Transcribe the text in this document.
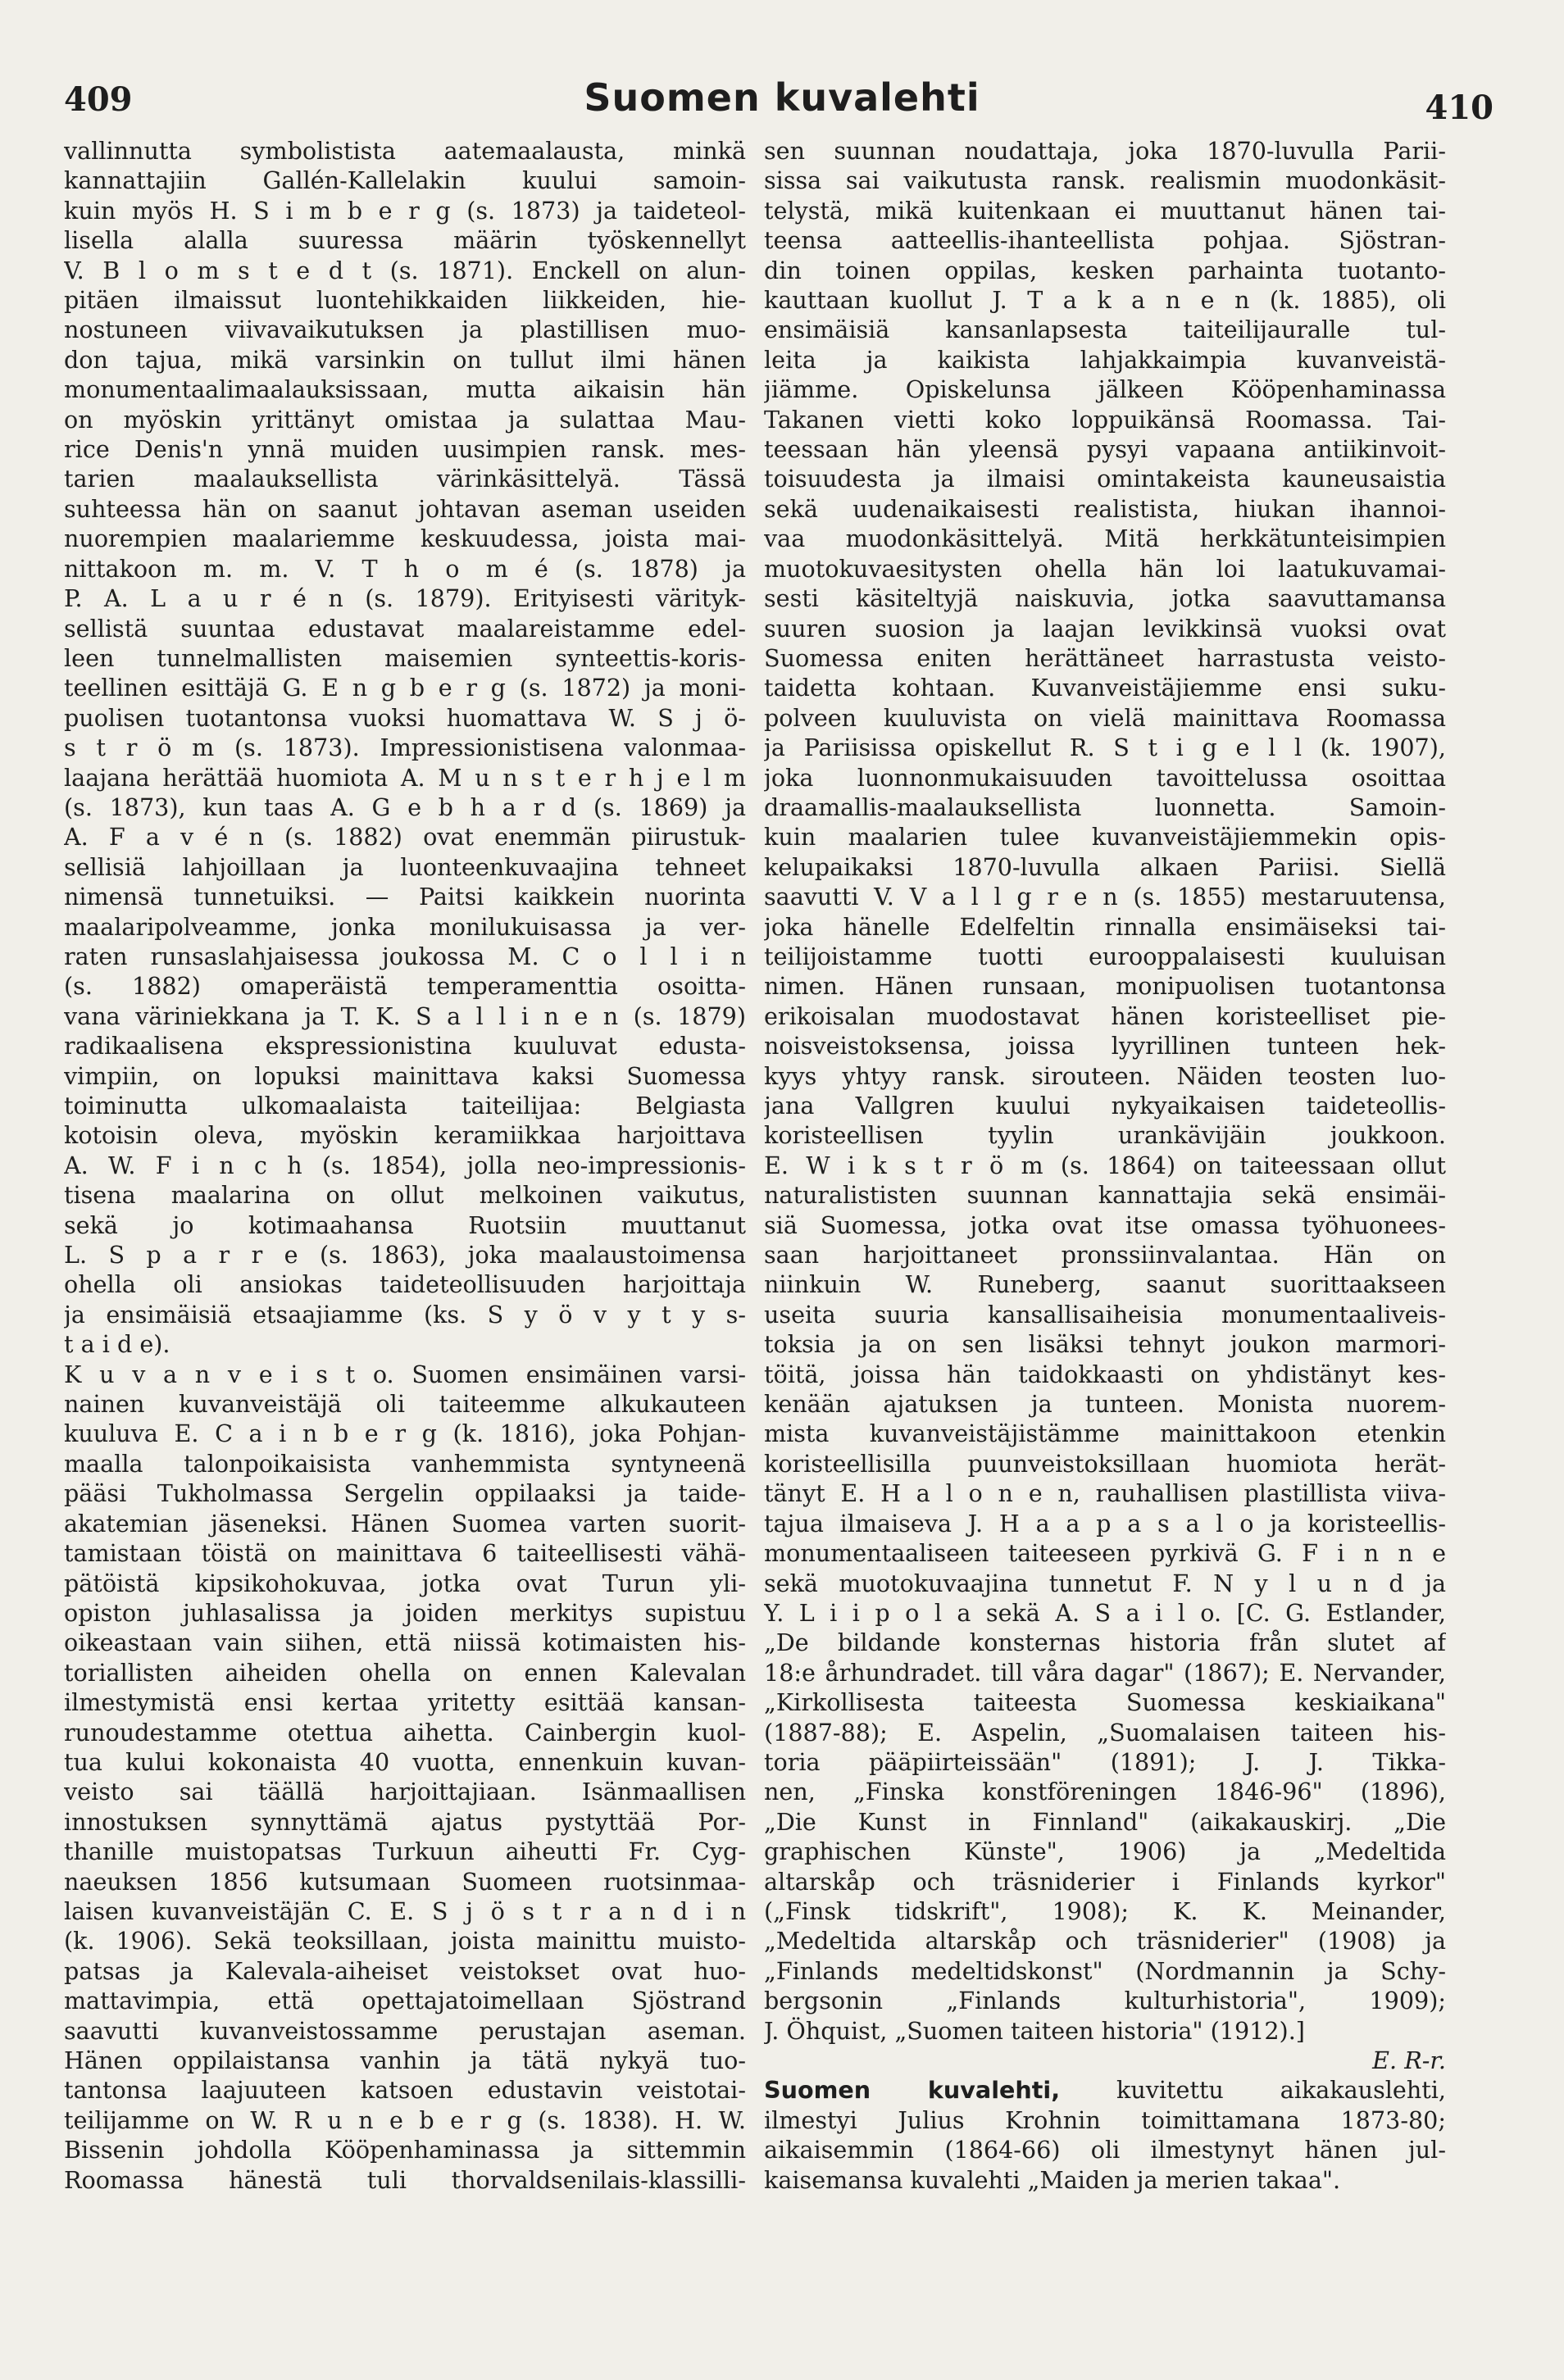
409	Suomen kuvalehti	410

vallinnutta symbolistista aatemaalausta, minkä

kannattajiin Gallén-Kallelakin kuului samoin-

kuin myös H. S i m b e r g (s. 1873) ja taideteol-

lisella alalla suuressa määrin työskennellyt

V. B l o m s t e d t (s. 1871). Enckell on alun-

pitäen ilmaissut luontehikkaiden liikkeiden, hie-

nostuneen viivavaikutuksen ja plastillisen muo-

don tajua, mikä varsinkin on tullut ilmi hänen

monumentaalimaalauksissaan, mutta aikaisin hän

on myöskin yrittänyt omistaa ja sulattaa Mau-

rice Denis'n ynnä muiden uusimpien ransk. mes-

tarien maalauksellista värinkäsittelyä. Tässä

suhteessa hän on saanut johtavan aseman useiden

nuorempien maalariemme keskuudessa, joista mai-

nittakoon m. m. V. T h o m é (s. 1878) ja

P. A. L a u r é n (s. 1879). Erityisesti värityk-

sellistä suuntaa edustavat maalareistamme edel-

leen tunnelmallisten maisemien synteettis-koris-

teellinen esittäjä G. E n g b e r g (s. 1872) ja moni-

puolisen tuotantonsa vuoksi huomattava W. S j ö-

s t r ö m (s. 1873). Impressionistisena valonmaa-

laajana herättää huomiota A. M u n s t e r h j e l m

(s. 1873), kun taas A. G e b h a r d (s. 1869) ja

A. F a v é n (s. 1882) ovat enemmän piirustuk-

sellisiä lahjoillaan ja luonteenkuvaajina tehneet

nimensä tunnetuiksi. — Paitsi kaikkein nuorinta

maalaripolveamme, jonka monilukuisassa ja ver-

raten runsaslahjaisessa joukossa M. C o l l i n

(s. 1882) omaperäistä temperamenttia osoitta-

vana väriniekkana ja T. K. S a l l i n e n (s. 1879)

radikaalisena ekspressionistina kuuluvat edusta-

vimpiin, on lopuksi mainittava kaksi Suomessa

toiminutta ulkomaalaista taiteilijaa: Belgiasta

kotoisin oleva, myöskin keramiikkaa harjoittava

A. W. F i n c h (s. 1854), jolla neo-impressionis-

tisena maalarina on ollut melkoinen vaikutus,

sekä jo kotimaahansa Ruotsiin muuttanut

L. S p a r r e (s. 1863), joka maalaustoimensa

ohella oli ansiokas taideteollisuuden harjoittaja

ja ensimäisiä etsaajiamme (ks. S y ö v y t y s-

t a i d e).

K u v a n v e i s t o. Suomen ensimäinen varsi-

nainen kuvanveistäjä oli taiteemme alkukauteen

kuuluva E. C a i n b e r g (k. 1816), joka Pohjan-

maalla talonpoikaisista vanhemmista syntyneenä

pääsi Tukholmassa Sergelin oppilaaksi ja taide-

akatemian jäseneksi. Hänen Suomea varten suorit-

tamistaan töistä on mainittava 6 taiteellisesti vähä-

pätöistä kipsikohokuvaa, jotka ovat Turun yli-

opiston juhlasalissa ja joiden merkitys supistuu

oikeastaan vain siihen, että niissä kotimaisten his-

toriallisten aiheiden ohella on ennen Kalevalan

ilmestymistä ensi kertaa yritetty esittää kansan-

runoudestamme otettua aihetta. Cainbergin kuol-

tua kului kokonaista 40 vuotta, ennenkuin kuvan-

veisto sai täällä harjoittajiaan. Isänmaallisen

innostuksen synnyttämä ajatus pystyttää Por-

thanille muistopatsas Turkuun aiheutti Fr. Cyg-

naeuksen 1856 kutsumaan Suomeen ruotsinmaa-

laisen kuvanveistäjän C. E. S j ö s t r a n d i n

(k. 1906). Sekä teoksillaan, joista mainittu muisto-

patsas ja Kalevala-aiheiset veistokset ovat huo-

mattavimpia, että opettajatoimellaan Sjöstrand

saavutti kuvanveistossamme perustajan aseman.

Hänen oppilaistansa vanhin ja tätä nykyä tuo-

tantonsa laajuuteen katsoen edustavin veistotai-

teilijamme on W. R u n e b e r g (s. 1838). H. W.

Bissenin johdolla Kööpenhaminassa ja sittemmin

Roomassa hänestä tuli thorvaldsenilais-klassilli-

sen suunnan noudattaja, joka 1870-luvulla Parii-

sissa sai vaikutusta ransk. realismin muodonkäsit-

telystä, mikä kuitenkaan ei muuttanut hänen tai-

teensa aatteellis-ihanteellista pohjaa. Sjöstran-

din toinen oppilas, kesken parhainta tuotanto-

kauttaan kuollut J. T a k a n e n (k. 1885), oli

ensimäisiä kansanlapsesta taiteilijauralle tul-

leita ja kaikista lahjakkaimpia kuvanveistä-

jiämme. Opiskelunsa jälkeen Kööpenhaminassa

Takanen vietti koko loppuikänsä Roomassa. Tai-

teessaan hän yleensä pysyi vapaana antiikinvoit-

toisuudesta ja ilmaisi omintakeista kauneusaistia

sekä uudenaikaisesti realistista, hiukan ihannoi-

vaa muodonkäsittelyä. Mitä herkkätunteisimpien

muotokuvaesitysten ohella hän loi laatukuvamai-

sesti käsiteltyjä naiskuvia, jotka saavuttamansa

suuren suosion ja laajan levikkinsä vuoksi ovat

Suomessa eniten herättäneet harrastusta veisto-

taidetta kohtaan. Kuvanveistäjiemme ensi suku-

polveen kuuluvista on vielä mainittava Roomassa

ja Pariisissa opiskellut R. S t i g e l l (k. 1907),

joka luonnonmukaisuuden tavoittelussa osoittaa

draamallis-maalauksellista luonnetta. Samoin-

kuin maalarien tulee kuvanveistäjiemmekin opis-

kelupaikaksi 1870-luvulla alkaen Pariisi. Siellä

saavutti V. V a l l g r e n (s. 1855) mestaruutensa,

joka hänelle Edelfeltin rinnalla ensimäiseksi tai-

teilijoistamme tuotti eurooppalaisesti kuuluisan

nimen. Hänen runsaan, monipuolisen tuotantonsa

erikoisalan muodostavat hänen koristeelliset pie-

noisveistoksensa, joissa lyyrillinen tunteen hek-

kyys yhtyy ransk. sirouteen. Näiden teosten luo-

jana Vallgren kuului nykyaikaisen taideteollis-

koristeellisen tyylin urankävijäin joukkoon.

E. W i k s t r ö m (s. 1864) on taiteessaan ollut

naturalististen suunnan kannattajia sekä ensimäi-

siä Suomessa, jotka ovat itse omassa työhuonees-

saan harjoittaneet pronssiinvalantaa. Hän on

niinkuin W. Runeberg, saanut suorittaakseen

useita suuria kansallisaiheisia monumentaaliveis-

toksia ja on sen lisäksi tehnyt joukon marmori-

töitä, joissa hän taidokkaasti on yhdistänyt kes-

kenään ajatuksen ja tunteen. Monista nuorem-

mista kuvanveistäjistämme mainittakoon etenkin

koristeellisilla puunveistoksillaan huomiota herät-

tänyt E. H a l o n e n, rauhallisen plastillista viiva-

tajua ilmaiseva J. H a a p a s a l o ja koristeellis-

monumentaaliseen taiteeseen pyrkivä G. F i n n e

sekä muotokuvaajina tunnetut F. N y l u n d ja

Y. L i i p o l a sekä A. S a i l o. [C. G. Estlander,

„De bildande konsternas historia från slutet af

18:e århundradet. till våra dagar" (1867); E. Nervander,

„Kirkollisesta taiteesta Suomessa keskiaikana"

(1887-88); E. Aspelin, „Suomalaisen taiteen his-

toria pääpiirteissään" (1891); J. J. Tikka-

nen, „Finska konstföreningen 1846-96" (1896),

„Die Kunst in Finnland" (aikakauskirj. „Die

graphischen Künste", 1906) ja „Medeltida

altarskåp och träsniderier i Finlands kyrkor"

(„Finsk tidskrift", 1908); K. K. Meinander,

„Medeltida altarskåp och träsniderier" (1908) ja

„Finlands medeltidskonst" (Nordmannin ja Schy-

bergsonin „Finlands kulturhistoria", 1909);

J. Öhquist, „Suomen taiteen historia" (1912).]

E. R-r.

Suomen kuvalehti, kuvitettu aikakauslehti,

ilmestyi Julius Krohnin toimittamana 1873-80;

aikaisemmin (1864-66) oli ilmestynyt hänen jul-

kaisemansa kuvalehti „Maiden ja merien takaa".
